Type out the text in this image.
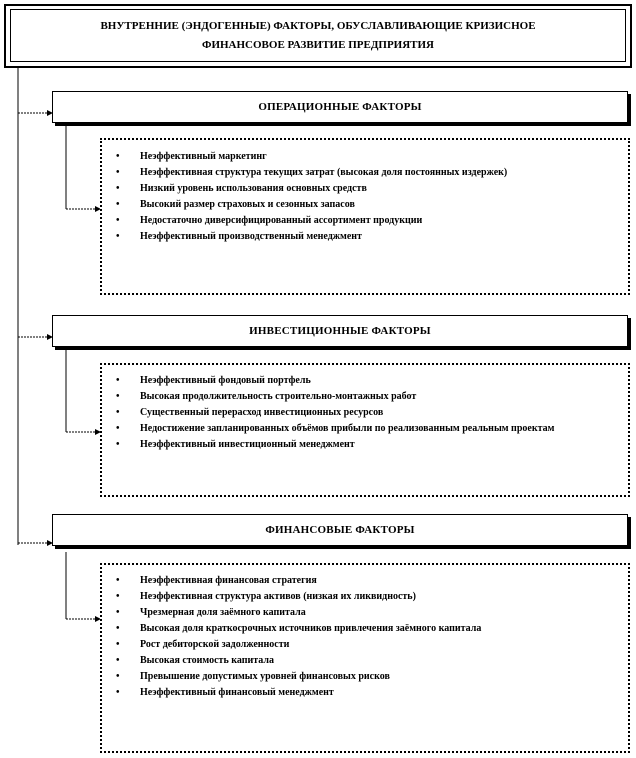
ВНУТРЕННИЕ (ЭНДОГЕННЫЕ) ФАКТОРЫ, ОБУСЛАВЛИВАЮЩИЕ КРИЗИСНОЕ
ФИНАНСОВОЕ РАЗВИТИЕ ПРЕДПРИЯТИЯ
ОПЕРАЦИОННЫЕ ФАКТОРЫ
• Неэффективный маркетинг
• Неэффективная структура текущих затрат (высокая доля постоянных издержек)
• Низкий уровень использования основных средств
• Высокий размер страховых и сезонных запасов
• Недостаточно диверсифицированный ассортимент продукции
• Неэффективный производственный менеджмент
ИНВЕСТИЦИОННЫЕ ФАКТОРЫ
• Неэффективный фондовый портфель
• Высокая продолжительность строительно-монтажных работ
• Существенный перерасход инвестиционных ресурсов
• Недостижение запланированных объёмов прибыли по реализованным реальным проектам
• Неэффективный инвестиционный менеджмент
ФИНАНСОВЫЕ ФАКТОРЫ
• Неэффективная финансовая стратегия
• Неэффективная структура активов (низкая их ликвидность)
• Чрезмерная доля заёмного капитала
• Высокая доля краткосрочных источников привлечения заёмного капитала
• Рост дебиторской задолженности
• Высокая стоимость капитала
• Превышение допустимых уровней финансовых рисков
• Неэффективный финансовый менеджмент
